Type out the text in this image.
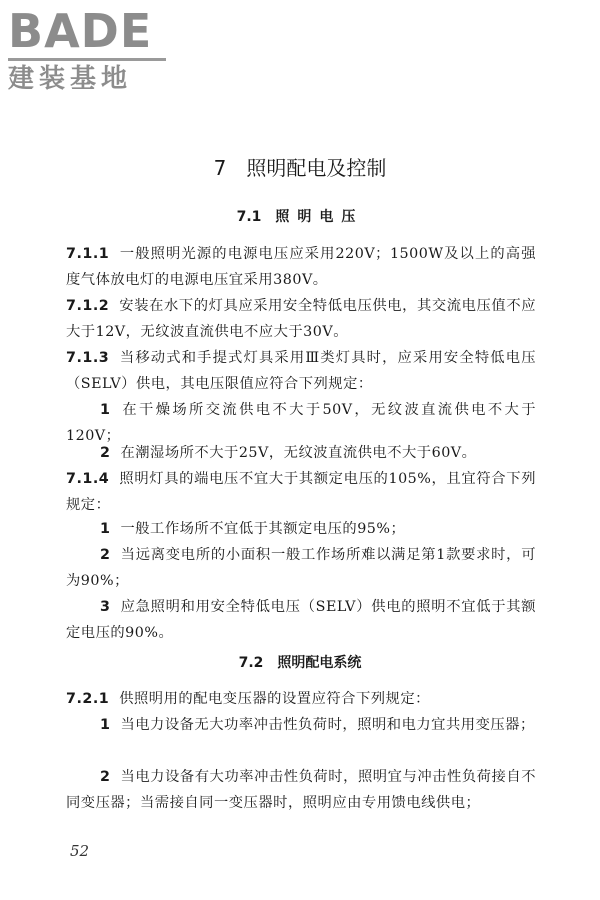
BADE
建装基地
7 照明配电及控制
7.1 照明电压
7.1.1 一般照明光源的电源电压应采用220V；1500W及以上的高强度气体放电灯的电源电压宜采用380V。
7.1.2 安装在水下的灯具应采用安全特低电压供电，其交流电压值不应大于12V，无纹波直流供电不应大于30V。
7.1.3 当移动式和手提式灯具采用Ⅲ类灯具时，应采用安全特低电压（SELV）供电，其电压限值应符合下列规定：
1 在干燥场所交流供电不大于50V，无纹波直流供电不大于120V；
2 在潮湿场所不大于25V，无纹波直流供电不大于60V。
7.1.4 照明灯具的端电压不宜大于其额定电压的105%，且宜符合下列规定：
1 一般工作场所不宜低于其额定电压的95%；
2 当远离变电所的小面积一般工作场所难以满足第1款要求时，可为90%；
3 应急照明和用安全特低电压（SELV）供电的照明不宜低于其额定电压的90%。
7.2 照明配电系统
7.2.1 供照明用的配电变压器的设置应符合下列规定：
1 当电力设备无大功率冲击性负荷时，照明和电力宜共用变压器；
2 当电力设备有大功率冲击性负荷时，照明宜与冲击性负荷接自不同变压器；当需接自同一变压器时，照明应由专用馈电线供电；
52
